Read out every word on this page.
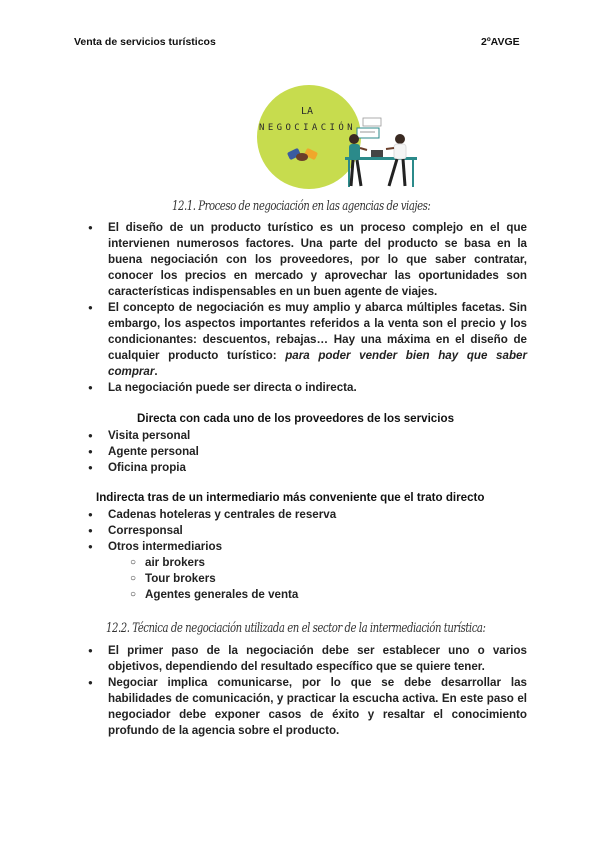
Venta de servicios turísticos	2ºAVGE
LA
NEGOCIACIÓN
12.1. Proceso de negociación en las agencias de viajes:
● El diseño de un producto turístico es un proceso complejo en el que intervienen numerosos factores. Una parte del producto se basa en la buena negociación con los proveedores, por lo que saber contratar, conocer los precios en mercado y aprovechar las oportunidades son características indispensables en un buen agente de viajes.
● El concepto de negociación es muy amplio y abarca múltiples facetas. Sin embargo, los aspectos importantes referidos a la venta son el precio y los condicionantes: descuentos, rebajas… Hay una máxima en el diseño de cualquier producto turístico: para poder vender bien hay que saber comprar.
● La negociación puede ser directa o indirecta.
Directa con cada uno de los proveedores de los servicios
● Visita personal
● Agente personal
● Oficina propia
Indirecta tras de un intermediario más conveniente que el trato directo
● Cadenas hoteleras y centrales de reserva
● Corresponsal
● Otros intermediarios
○ air brokers
○ Tour brokers
○ Agentes generales de venta
12.2. Técnica de negociación utilizada en el sector de la intermediación turística:
● El primer paso de la negociación debe ser establecer uno o varios objetivos, dependiendo del resultado específico que se quiere tener.
● Negociar implica comunicarse, por lo que se debe desarrollar las habilidades de comunicación, y practicar la escucha activa. En este paso el negociador debe exponer casos de éxito y resaltar el conocimiento profundo de la agencia sobre el producto.
